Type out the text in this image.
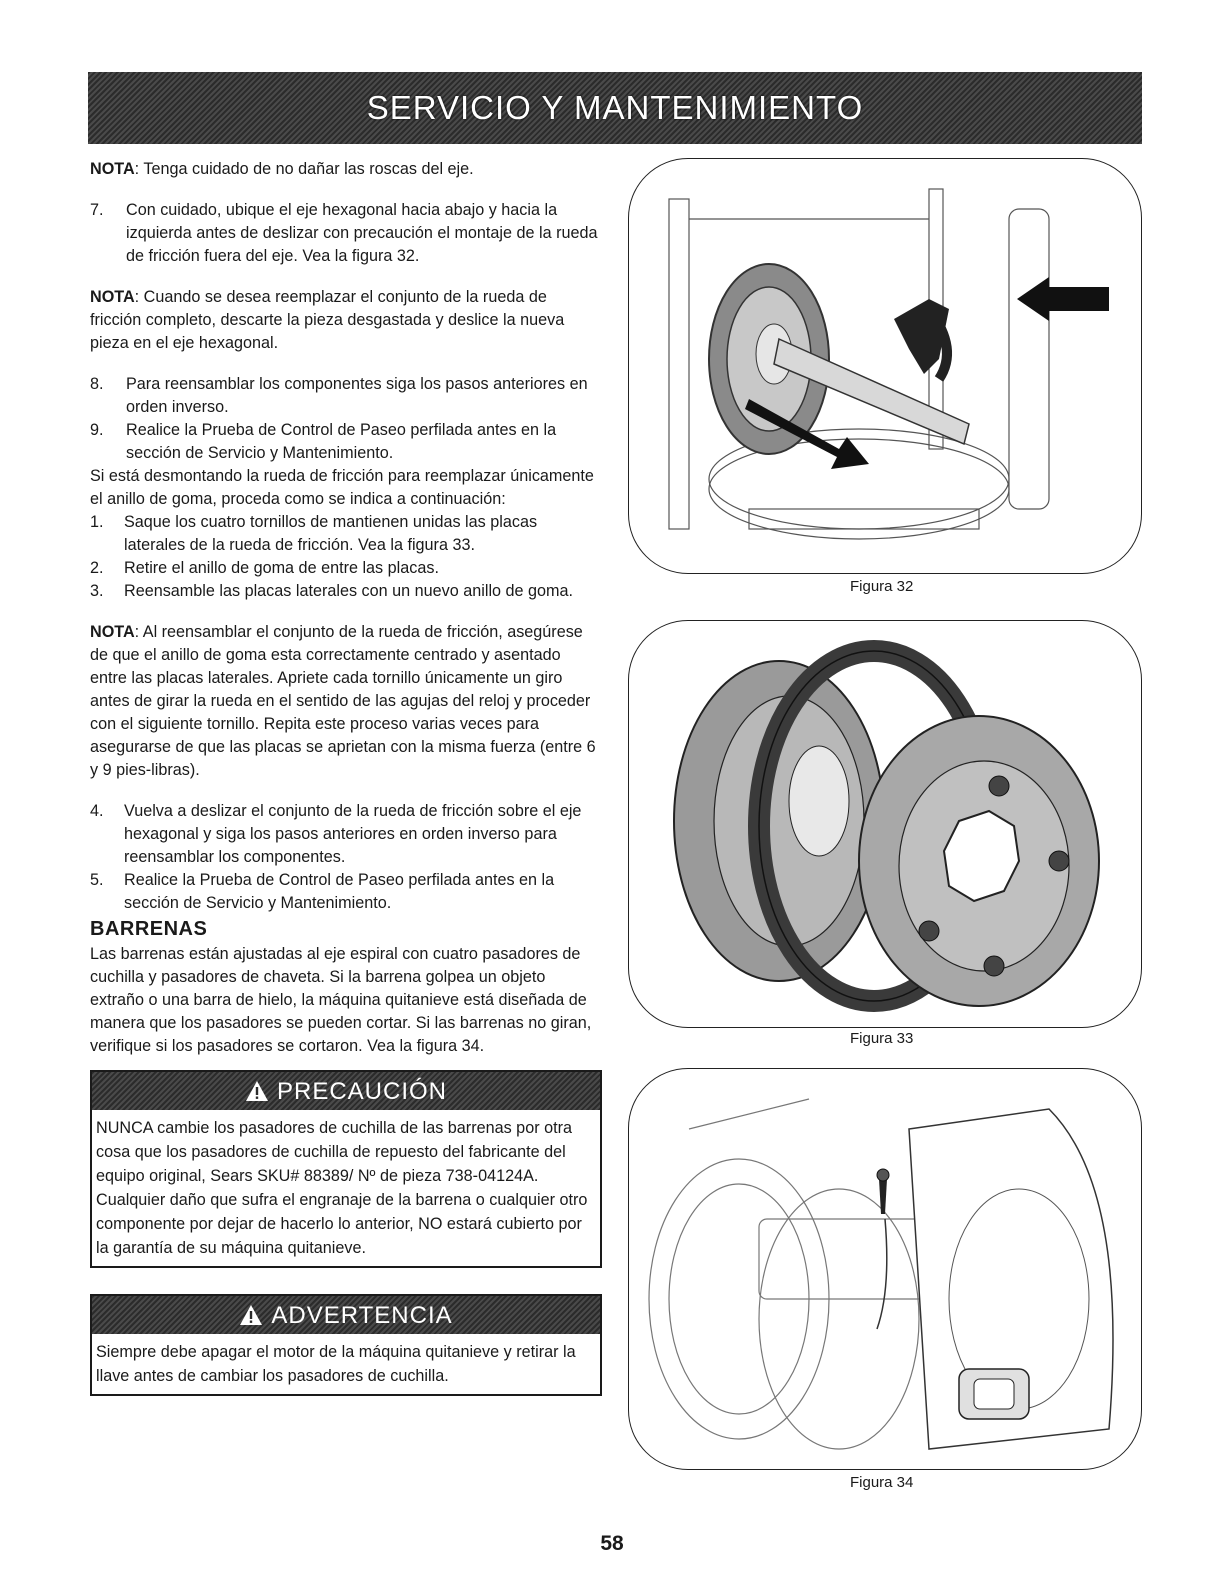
SERVICIO Y MANTENIMIENTO

NOTA: Tenga cuidado de no dañar las roscas del eje.

7.	Con cuidado, ubique el eje hexagonal hacia abajo y hacia la izquierda antes de deslizar con precaución el montaje de la rueda de fricción fuera del eje. Vea la figura 32.

NOTA: Cuando se desea reemplazar el conjunto de la rueda de fricción completo, descarte la pieza desgastada y deslice la nueva pieza en el eje hexagonal.

8.	Para reensamblar los componentes siga los pasos anteriores en orden inverso.
9.	Realice la Prueba de Control de Paseo perfilada antes en la sección de Servicio y Mantenimiento.

Si está desmontando la rueda de fricción para reemplazar únicamente el anillo de goma, proceda como se indica a continuación:

1.	Saque los cuatro tornillos de mantienen unidas las placas laterales de la rueda de fricción. Vea la figura 33.
2.	Retire el anillo de goma de entre las placas.
3.	Reensamble las placas laterales con un nuevo anillo de goma.

NOTA: Al reensamblar el conjunto de la rueda de fricción, asegúrese de que el anillo de goma esta correctamente centrado y asentado entre las placas laterales. Apriete cada tornillo únicamente un giro antes de girar la rueda en el sentido de las agujas del reloj y proceder con el siguiente tornillo. Repita este proceso varias veces para asegurarse de que las placas se aprietan con la misma fuerza (entre 6 y 9 pies-libras).

4.	Vuelva a deslizar el conjunto de la rueda de fricción sobre el eje hexagonal y siga los pasos anteriores en orden inverso para reensamblar los componentes.
5.	Realice la Prueba de Control de Paseo perfilada antes en la sección de Servicio y Mantenimiento.
BARRENAS

Las barrenas están ajustadas al eje espiral con cuatro pasadores de cuchilla y pasadores de chaveta. Si la barrena golpea un objeto extraño o una barra de hielo, la máquina quitanieve está diseñada de manera que los pasadores se pueden cortar. Si las barrenas no giran, verifique si los pasadores se cortaron. Vea la figura 34.

PRECAUCIÓN
NUNCA cambie los pasadores de cuchilla de las barrenas por otra cosa que los pasadores de cuchilla de repuesto del fabricante del equipo original, Sears SKU# 88389/ Nº de pieza 738-04124A. Cualquier daño que sufra el engranaje de la barrena o cualquier otro componente por dejar de hacerlo lo anterior, NO estará cubierto por la garantía de su máquina quitanieve.
ADVERTENCIA
Siempre debe apagar el motor de la máquina quitanieve y retirar la llave antes de cambiar los pasadores de cuchilla.
Figura 32
Figura 33
Figura 34
58
